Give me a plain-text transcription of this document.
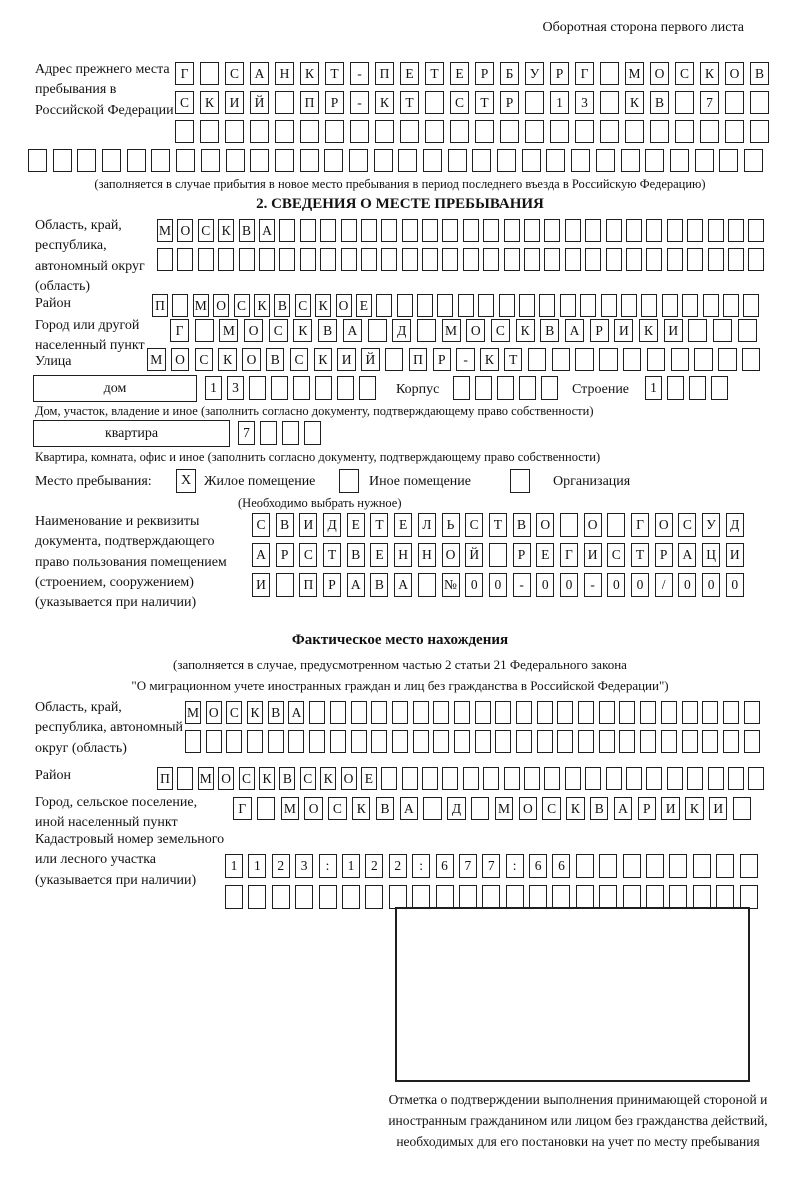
Оборотная сторона первого листа
Адрес прежнего места пребывания в Российской Федерации
Г	С	А	Н	К	Т	-	П	Е	Т	Е	Р	Б	У	Р	Г	М	О	С	К	О	В
С	К	И	Й	П	Р	-	К	Т	С	Т	Р	1	3	К	В	7
(заполняется в случае прибытия в новое место пребывания в период последнего въезда в Российскую Федерацию)
2. СВЕДЕНИЯ О МЕСТЕ ПРЕБЫВАНИЯ
Область, край, республика, автономный округ (область)
М О С К В А
Район	П М О С К В С К О Е
Город или другой населенный пункт
Г	М	О	С	К	В	А	Д	М	О	С	К	В	А	Р	И	К	И
Улица	М О	С	К	О	В	С	К	И	Й	П	Р	-	К	Т
дом	1	3	Корпус	Строение	1
Дом, участок, владение и иное (заполнить согласно документу, подтверждающему право собственности)
квартира	7
Квартира, комната, офис и иное (заполнить согласно документу, подтверждающему право собственности)
Место пребывания:	X Жилое помещение	Иное помещение	Организация
(Необходимо выбрать нужное)
Наименование и реквизиты документа, подтверждающего право пользования помещением (строением, сооружением) (указывается при наличии)
С	В	И	Д	Е	Т	Е	Л	Ь	С	Т	В	О	О	Г	О	С	У	Д
А	Р	С	Т	В	Е	Н	Н	О	Й	Р	Е	Г	И	С	Т	Р	А	Ц	И
И	П	Р	А	В	А	№	0	0	-	0	0	-	0	0	/	0	0	0
Фактическое место нахождения
(заполняется в случае, предусмотренном частью 2 статьи 21 Федерального закона
"О миграционном учете иностранных граждан и лиц без гражданства в Российской Федерации")
Область, край, республика, автономный округ (область)
М О С К В А
Район	П М О С К В С К О Е
Город, сельское поселение, иной населенный пункт
Г	М О	С	К	В	А	Д	М О	С	К	В	А	Р	И	К	И
Кадастровый номер земельного или лесного участка (указывается при наличии)
1	1	2	3	:	1	2	2	:	6	7	7	:	6	6
Отметка о подтверждении выполнения принимающей стороной и иностранным гражданином или лицом без гражданства действий, необходимых для его постановки на учет по месту пребывания
